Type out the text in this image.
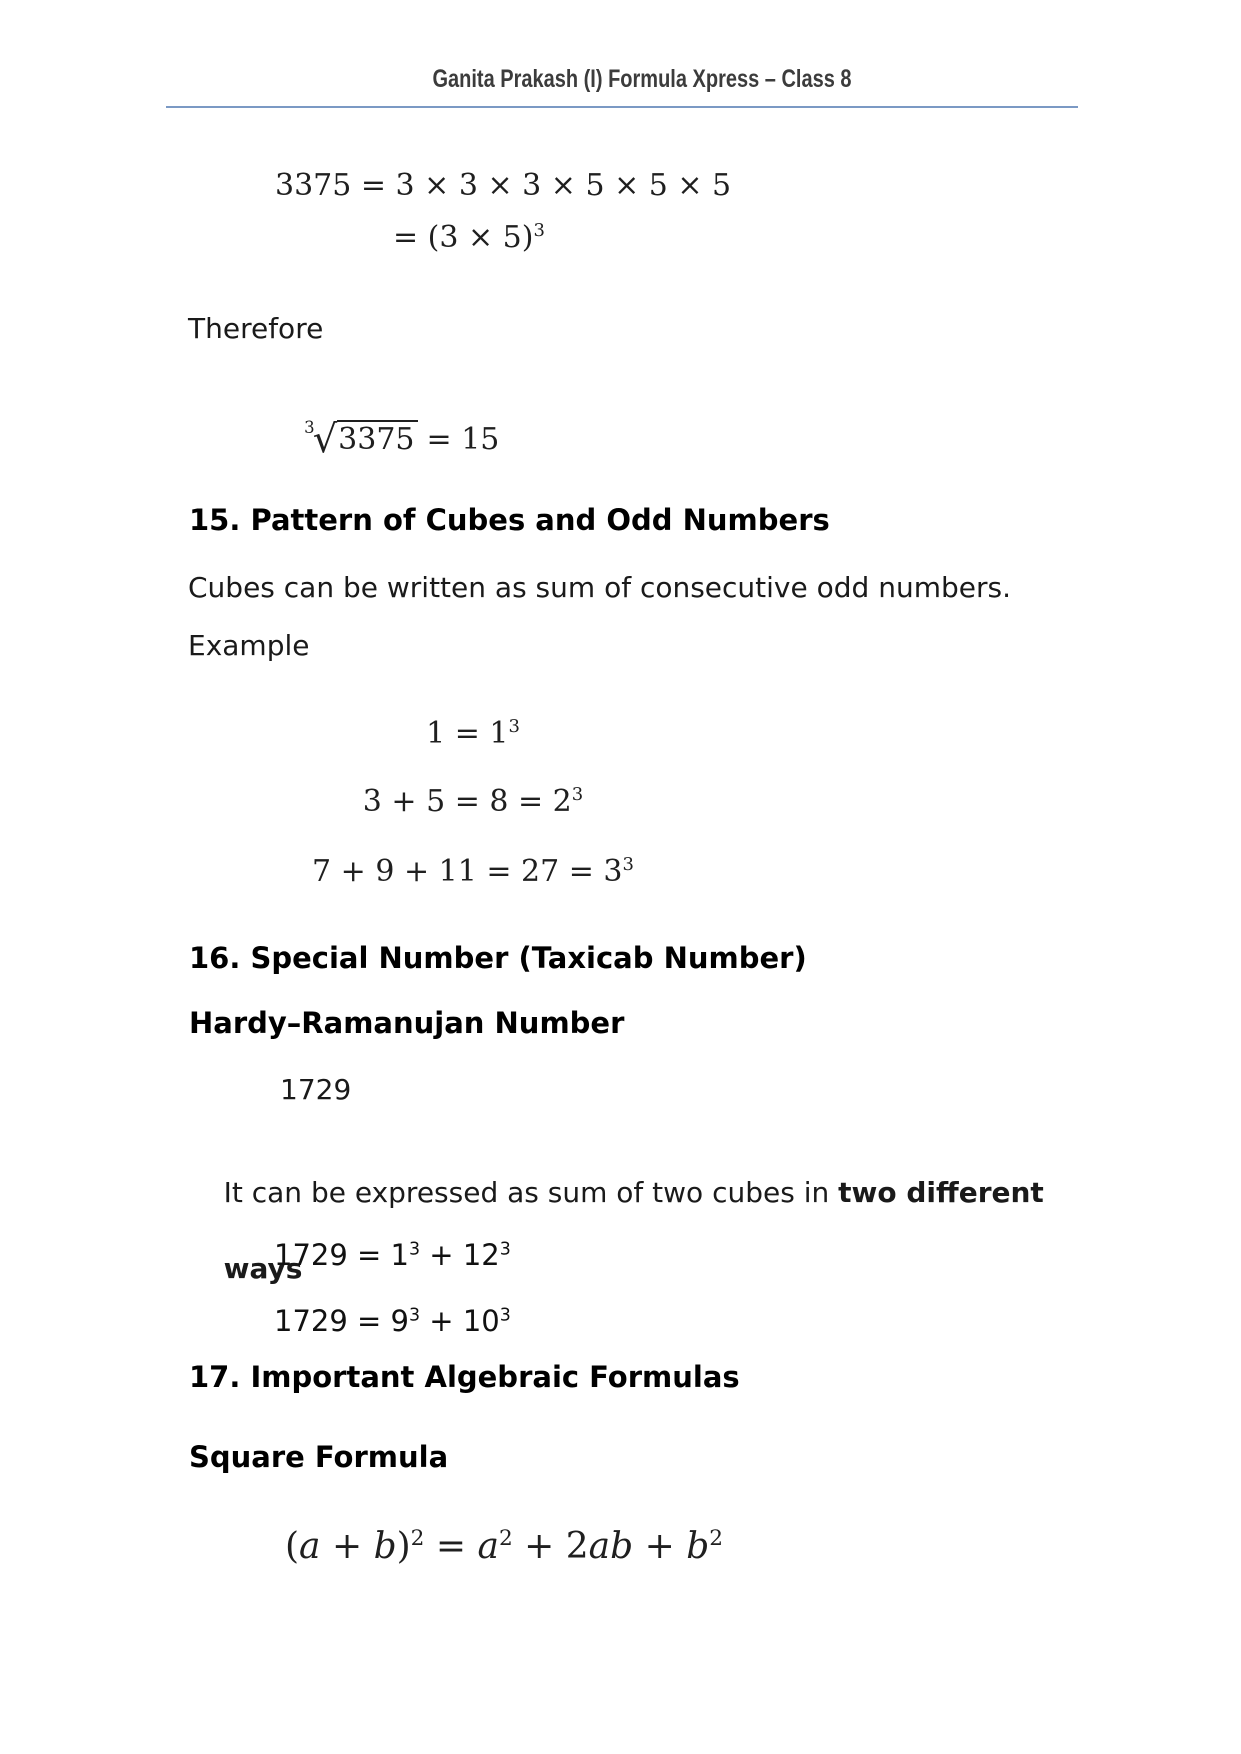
Ganita Prakash (I) Formula Xpress – Class 8
3375 = 3 × 3 × 3 × 5 × 5 × 5
= $(3 \times 5)^3$
Therefore

$^3$√3375 = 15

15. Pattern of Cubes and Odd Numbers
Cubes can be written as sum of consecutive odd numbers.
Example
$1 = 1^3$
$3 + 5 = 8 = 2^3$
$7 + 9 + 11 = 27 = 3^3$
16. Special Number (Taxicab Number)
Hardy–Ramanujan Number
1729

It can be expressed as sum of two cubes in two different

ways

$1729 = 1^3 + 12^3$
$1729 = 9^3 + 10^3$
17. Important Algebraic Formulas
Square Formula
$(a + b)^2 = a^2 + 2ab + b^2$
